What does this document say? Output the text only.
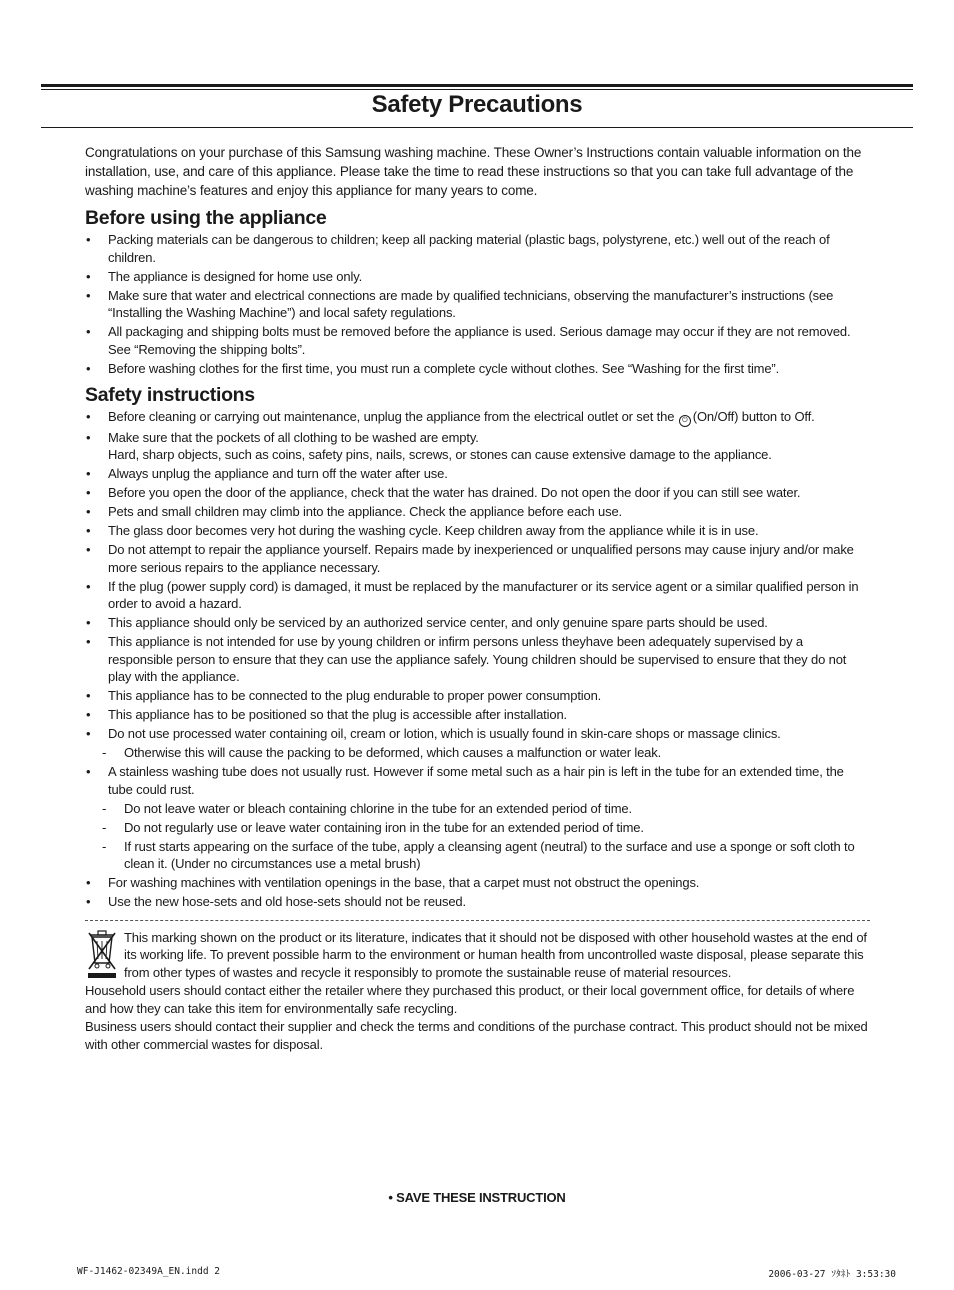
Safety Precautions

Congratulations on your purchase of this Samsung washing machine. These Owner’s Instructions contain valuable information on the installation, use, and care of this appliance. Please take the time to read these instructions so that you can take full advantage of the washing machine’s features and enjoy this appliance for many years to come.

Before using the appliance
• Packing materials can be dangerous to children; keep all packing material (plastic bags, polystyrene, etc.) well out of the reach of children.
• The appliance is designed for home use only.
• Make sure that water and electrical connections are made by qualified technicians, observing the manufacturer’s instructions (see “Installing the Washing Machine”) and local safety regulations.
• All packaging and shipping bolts must be removed before the appliance is used. Serious damage may occur if they are not removed. See “Removing the shipping bolts”.
• Before washing clothes for the first time, you must run a complete cycle without clothes. See “Washing for the first time”.
Safety instructions
• Before cleaning or carrying out maintenance, unplug the appliance from the electrical outlet or set the ⏻ (On/Off) button to Off.
• Make sure that the pockets of all clothing to be washed are empty.
Hard, sharp objects, such as coins, safety pins, nails, screws, or stones can cause extensive damage to the appliance.
• Always unplug the appliance and turn off the water after use.
• Before you open the door of the appliance, check that the water has drained. Do not open the door if you can still see water.
• Pets and small children may climb into the appliance. Check the appliance before each use.
• The glass door becomes very hot during the washing cycle. Keep children away from the appliance while it is in use.
• Do not attempt to repair the appliance yourself. Repairs made by inexperienced or unqualified persons may cause injury and/or make more serious repairs to the appliance necessary.
• If the plug (power supply cord) is damaged, it must be replaced by the manufacturer or its service agent or a similar qualified person in order to avoid a hazard.
• This appliance should only be serviced by an authorized service center, and only genuine spare parts should be used.
• This appliance is not intended for use by young children or infirm persons unless theyhave been adequately supervised by a responsible person to ensure that they can use the appliance safely. Young children should be supervised to ensure that they do not play with the appliance.
• This appliance has to be connected to the plug endurable to proper power consumption.
• This appliance has to be positioned so that the plug is accessible after installation.
• Do not use processed water containing oil, cream or lotion, which is usually found in skin-care shops or massage clinics.
- Otherwise this will cause the packing to be deformed, which causes a malfunction or water leak.
• A stainless washing tube does not usually rust. However if some metal such as a hair pin is left in the tube for an extended time, the tube could rust.
- Do not leave water or bleach containing chlorine in the tube for an extended period of time.
- Do not regularly use or leave water containing iron in the tube for an extended period of time.
- If rust starts appearing on the surface of the tube, apply a cleansing agent (neutral) to the surface and use a sponge or soft cloth to clean it. (Under no circumstances use a metal brush)
• For washing machines with ventilation openings in the base, that a carpet must not obstruct the openings.
• Use the new hose-sets and old hose-sets should not be reused.

This marking shown on the product or its literature, indicates that it should not be disposed with other household wastes at the end of its working life. To prevent possible harm to the environment or human health from uncontrolled waste disposal, please separate this from other types of wastes and recycle it responsibly to promote the sustainable reuse of material resources.

Household users should contact either the retailer where they purchased this product, or their local government office, for details of where and how they can take this item for environmentally safe recycling.

Business users should contact their supplier and check the terms and conditions of the purchase contract. This product should not be mixed with other commercial wastes for disposal.

• SAVE THESE INSTRUCTION
WF-J1462-02349A_EN.indd 2	2006-03-27 ｿﾀﾈﾄ 3:53:30
